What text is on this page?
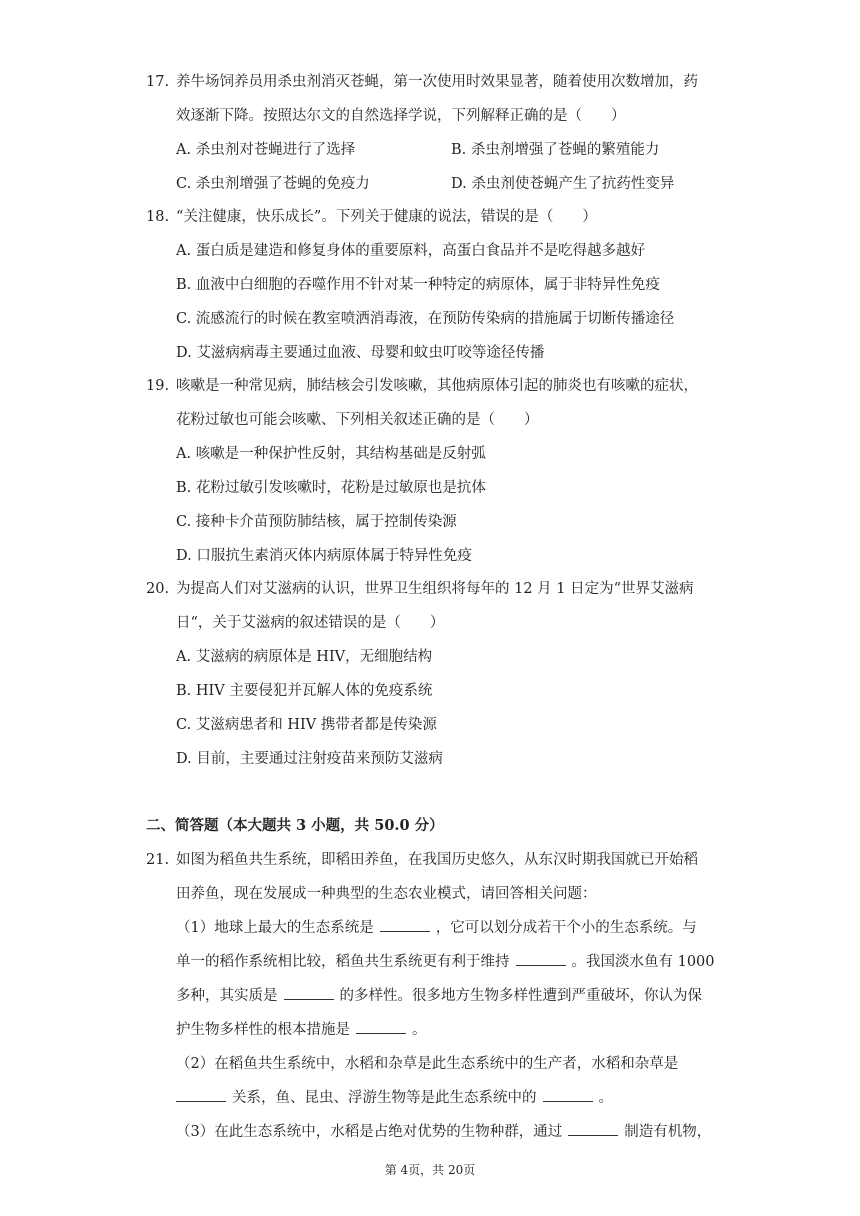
17. 养牛场饲养员用杀虫剂消灭苍蝇，第一次使用时效果显著，随着使用次数增加，药
效逐渐下降。按照达尔文的自然选择学说，下列解释正确的是（　　）
A. 杀虫剂对苍蝇进行了选择	B. 杀虫剂增强了苍蝇的繁殖能力
C. 杀虫剂增强了苍蝇的免疫力	D. 杀虫剂使苍蝇产生了抗药性变异
18. “关注健康，快乐成长”。下列关于健康的说法，错误的是（　　）
A. 蛋白质是建造和修复身体的重要原料，高蛋白食品并不是吃得越多越好
B. 血液中白细胞的吞噬作用不针对某一种特定的病原体，属于非特异性免疫
C. 流感流行的时候在教室喷洒消毒液，在预防传染病的措施属于切断传播途径
D. 艾滋病病毒主要通过血液、母婴和蚊虫叮咬等途径传播
19. 咳嗽是一种常见病，肺结核会引发咳嗽，其他病原体引起的肺炎也有咳嗽的症状，
花粉过敏也可能会咳嗽、下列相关叙述正确的是（　　）
A. 咳嗽是一种保护性反射，其结构基础是反射弧
B. 花粉过敏引发咳嗽时，花粉是过敏原也是抗体
C. 接种卡介苗预防肺结核，属于控制传染源
D. 口服抗生素消灭体内病原体属于特异性免疫
20. 为提高人们对艾滋病的认识，世界卫生组织将每年的 12 月 1 日定为“世界艾滋病
日“，关于艾滋病的叙述错误的是（　　）
A. 艾滋病的病原体是 HIV，无细胞结构
B. HIV 主要侵犯并瓦解人体的免疫系统
C. 艾滋病患者和 HIV 携带者都是传染源
D. 目前，主要通过注射疫苗来预防艾滋病
二、简答题（本大题共 3 小题，共 50.0 分）
21. 如图为稻鱼共生系统，即稻田养鱼，在我国历史悠久，从东汉时期我国就已开始稻
田养鱼，现在发展成一种典型的生态农业模式，请回答相关问题：
（1）地球上最大的生态系统是	，它可以划分成若干个小的生态系统。与
单一的稻作系统相比较，稻鱼共生系统更有利于维持	。我国淡水鱼有 1000
多种，其实质是	的多样性。很多地方生物多样性遭到严重破坏，你认为保
护生物多样性的根本措施是	。
（2）在稻鱼共生系统中，水稻和杂草是此生态系统中的生产者，水稻和杂草是
关系，鱼、昆虫、浮游生物等是此生态系统中的	。
（3）在此生态系统中，水稻是占绝对优势的生物种群，通过	制造有机物，
第 4页，共 20页
